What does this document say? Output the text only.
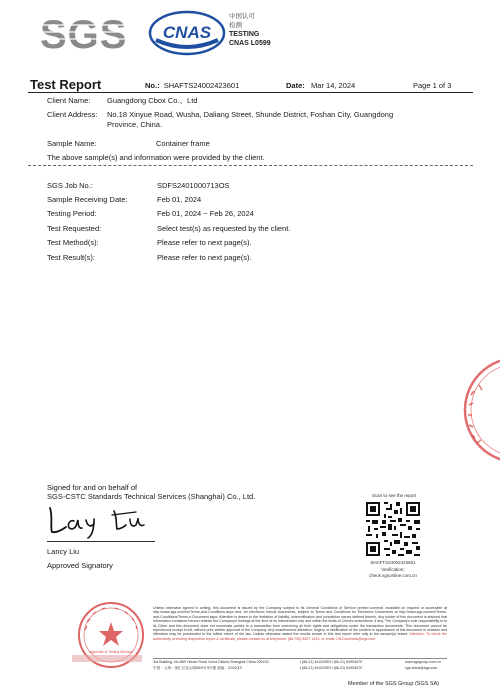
SGS CNAS
中国认可
检测
TESTING
CNAS L0599
Test Report	No.: SHAFTS24002423601	Date: Mar 14, 2024	Page 1 of 3
Client Name: Guangdong Cbox Co.、Ltd
Client Address: No.18 Xinyue Road, Wusha, Daliang Street, Shunde District, Foshan City, Guangdong
Province, China.
Sample Name:	Container frame
The above sample(s) and information were provided by the client.
SGS Job No.:	SDFS2401000713OS
Sample Receiving Date:	Feb 01, 2024
Testing Period:	Feb 01, 2024 ~ Feb 26, 2024
Test Requested:	Select test(s) as requested by the client.
Test Method(s):	Please refer to next page(s).
Test Result(s):	Please refer to next page(s).
Signed for and on behalf of
SGS-CSTC Standards Technical Services (Shanghai) Co., Ltd.
Lancy Liu
Approved Signatory
Scan to see the report
SHAFTS24002423601
Verification:
check.sgsonline.com.cn
Inspection & Testing Services
Unless otherwise agreed in writing, this document is issued by the Company subject to its General Conditions of Service printed overleaf, available on request or accessible at http://www.sgs.com/en/Terms-and-Conditions.aspx and, for electronic format documents, subject to Terms and Conditions for Electronic Documents at http://www.sgs.com/en/Terms-and-Conditions/Terms-e-Document.aspx. Attention is drawn to the limitation of liability, indemnification and jurisdiction issues defined therein. Any holder of this document is advised that information contained hereon reflects the Company's findings at the time of its intervention only and within the limits of Client's instructions, if any. The Company's sole responsibility is to its Client and this document does not exonerate parties to a transaction from exercising all their rights and obligations under the transaction documents. This document cannot be reproduced except in full, without prior written approval of the Company. Any unauthorized alteration, forgery or falsification of the content or appearance of this document is unlawful and offenders may be prosecuted to the fullest extent of the law. Unless otherwise stated the results shown in this test report refer only to the sample(s) tested. Attention: To check the authenticity of testing /inspection report & certificate, please contact us at telephone: (86-755) 8307 1443, or email: CN.Doccheck@sgs.com
3rd Building, No.889 Yishan Road Xuhui District,Shanghai China 200233
中国・上海・徐汇区宜山路889号3号楼 邮编：200233
t (86-21) 61402553 f (86-21) 64953679
t (86-21) 61402553 f (86-21) 64953679
www.sgsgroup.com.cn
sgs.china@sgs.com
Member of the SGS Group (SGS SA)
